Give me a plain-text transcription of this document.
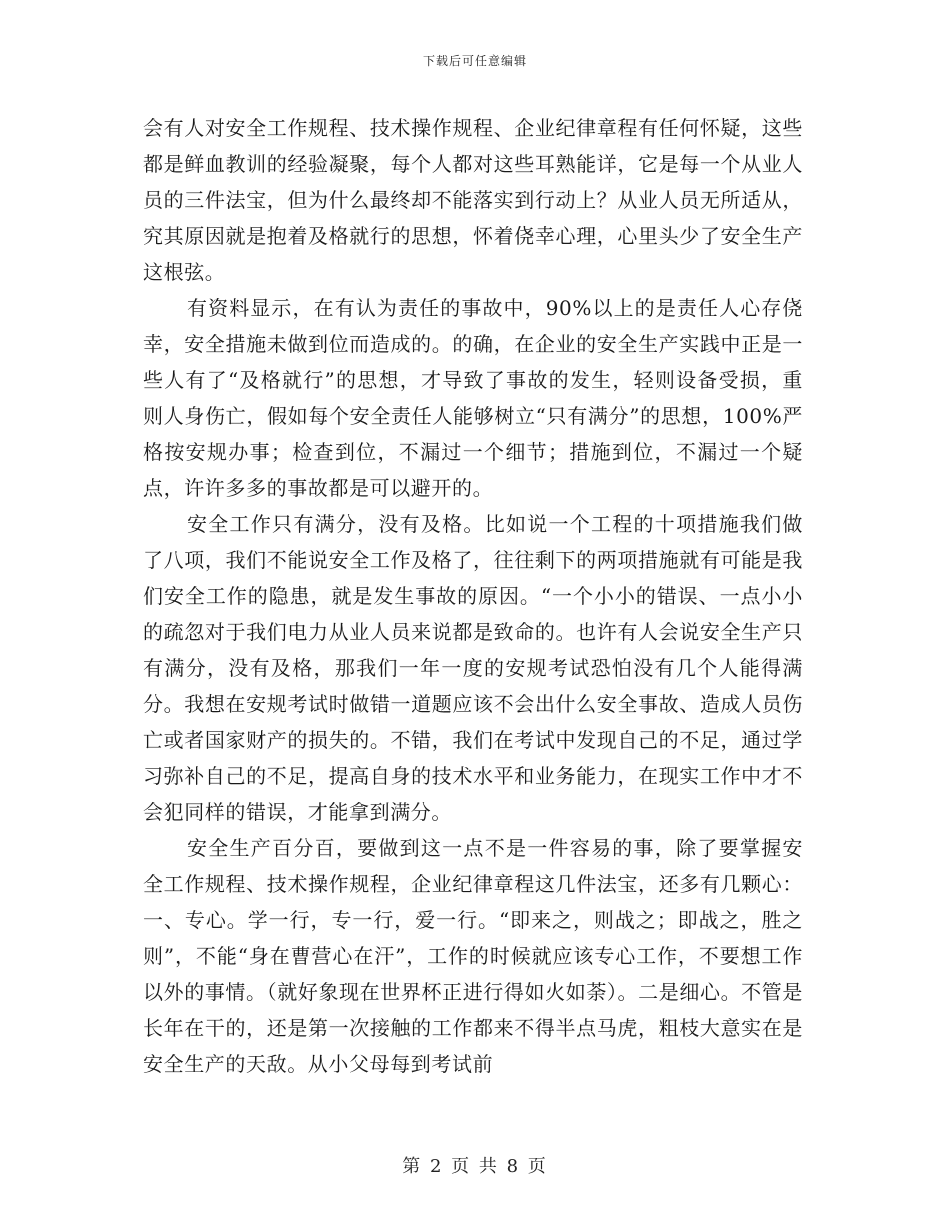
下载后可任意编辑

会有人对安全工作规程、技术操作规程、企业纪律章程有任何怀疑，这些都是鲜血教训的经验凝聚，每个人都对这些耳熟能详，它是每一个从业人员的三件法宝，但为什么最终却不能落实到行动上？从业人员无所适从，究其原因就是抱着及格就行的思想，怀着侥幸心理，心里头少了安全生产这根弦。

有资料显示，在有认为责任的事故中，90%以上的是责任人心存侥幸，安全措施未做到位而造成的。的确，在企业的安全生产实践中正是一些人有了“及格就行”的思想，才导致了事故的发生，轻则设备受损，重则人身伤亡，假如每个安全责任人能够树立“只有满分”的思想，100%严格按安规办事；检查到位，不漏过一个细节；措施到位，不漏过一个疑点，许许多多的事故都是可以避开的。

安全工作只有满分，没有及格。比如说一个工程的十项措施我们做了八项，我们不能说安全工作及格了，往往剩下的两项措施就有可能是我们安全工作的隐患，就是发生事故的原因。“一个小小的错误、一点小小的疏忽对于我们电力从业人员来说都是致命的。也许有人会说安全生产只有满分，没有及格，那我们一年一度的安规考试恐怕没有几个人能得满分。我想在安规考试时做错一道题应该不会出什么安全事故、造成人员伤亡或者国家财产的损失的。不错，我们在考试中发现自己的不足，通过学习弥补自己的不足，提高自身的技术水平和业务能力，在现实工作中才不会犯同样的错误，才能拿到满分。

安全生产百分百，要做到这一点不是一件容易的事，除了要掌握安全工作规程、技术操作规程，企业纪律章程这几件法宝，还多有几颗心：一、专心。学一行，专一行，爱一行。“即来之，则战之；即战之，胜之则”，不能“身在曹营心在汗”，工作的时候就应该专心工作，不要想工作以外的事情。（就好象现在世界杯正进行得如火如荼）。二是细心。不管是长年在干的，还是第一次接触的工作都来不得半点马虎，粗枝大意实在是安全生产的天敌。从小父母每到考试前

第 2 页 共 8 页
